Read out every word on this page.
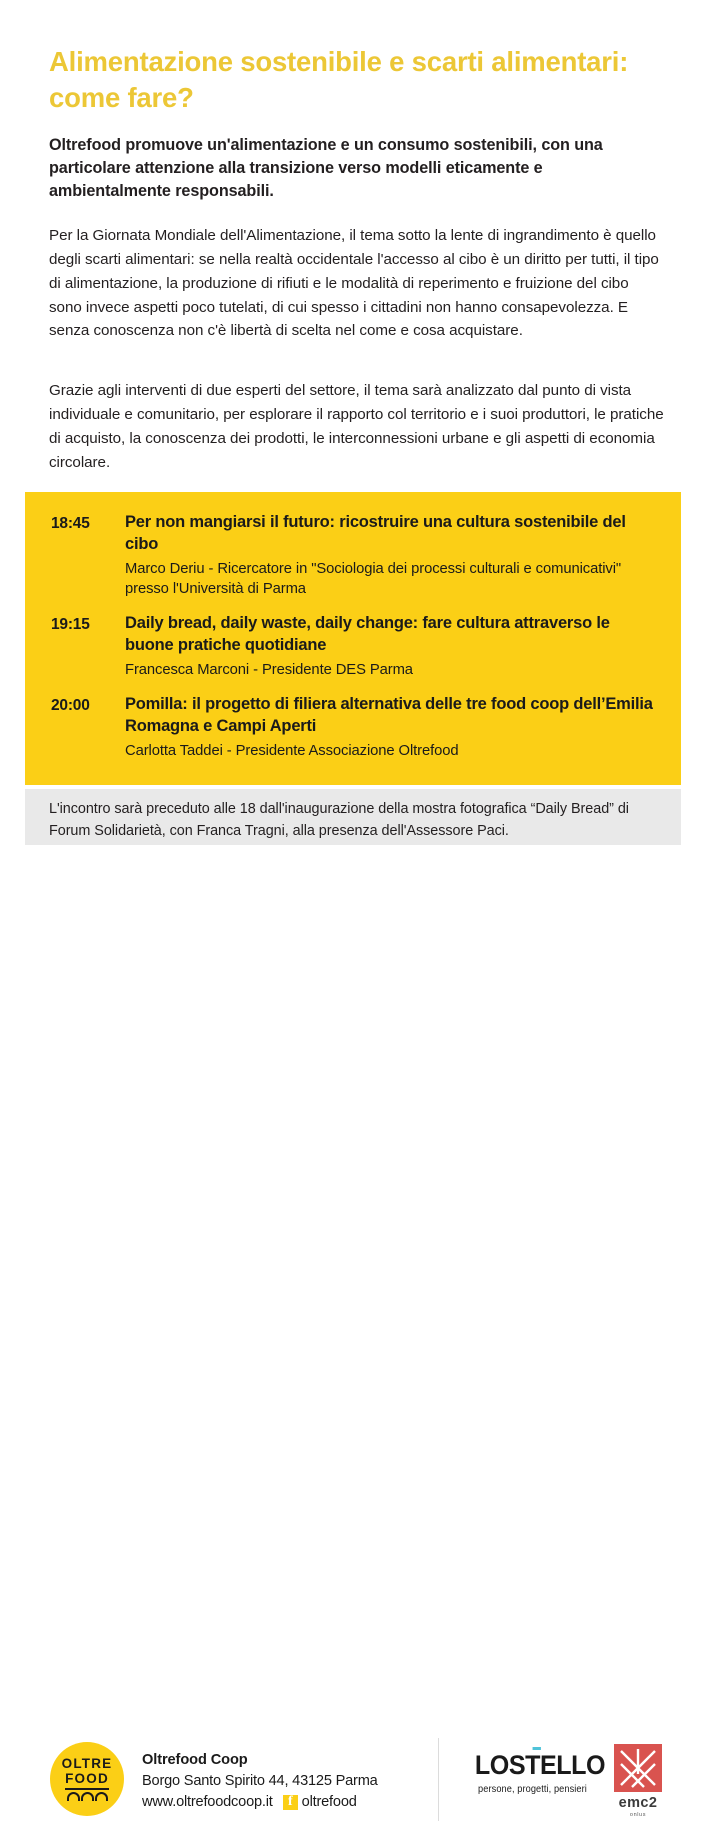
Alimentazione sostenibile e scarti alimentari: come fare?

Oltrefood promuove un'alimentazione e un consumo sostenibili, con una particolare attenzione alla transizione verso modelli eticamente e ambientalmente responsabili.

Per la Giornata Mondiale dell'Alimentazione, il tema sotto la lente di ingrandimento è quello degli scarti alimentari: se nella realtà occidentale l'accesso al cibo è un diritto per tutti, il tipo di alimentazione, la produzione di rifiuti e le modalità di reperimento e fruizione del cibo sono invece aspetti poco tutelati, di cui spesso i cittadini non hanno consapevolezza. E senza conoscenza non c'è libertà di scelta nel come e cosa acquistare.

Grazie agli interventi di due esperti del settore, il tema sarà analizzato dal punto di vista individuale e comunitario, per esplorare il rapporto col territorio e i suoi produttori, le pratiche di acquisto, la conoscenza dei prodotti, le interconnessioni urbane e gli aspetti di economia circolare.

18:45	Per non mangiarsi il futuro: ricostruire una cultura sostenibile del cibo
Marco Deriu - Ricercatore in "Sociologia dei processi culturali e comunicativi" presso l'Università di Parma
19:15	Daily bread, daily waste, daily change: fare cultura attraverso le buone pratiche quotidiane
Francesca Marconi - Presidente DES Parma
20:00	Pomilla: il progetto di filiera alternativa delle tre food coop dell’Emilia Romagna e Campi Aperti
Carlotta Taddei - Presidente Associazione Oltrefood
L'incontro sarà preceduto alle 18 dall'inaugurazione della mostra fotografica “Daily Bread” di Forum Solidarietà, con Franca Tragni, alla presenza dell'Assessore Paci.
OLTRE
FOOD
Oltrefood Coop
Borgo Santo Spirito 44, 43125 Parma
www.oltrefoodcoop.it	f oltrefood
LOSTELLO
persone, progetti, pensieri
emc2
onlus
